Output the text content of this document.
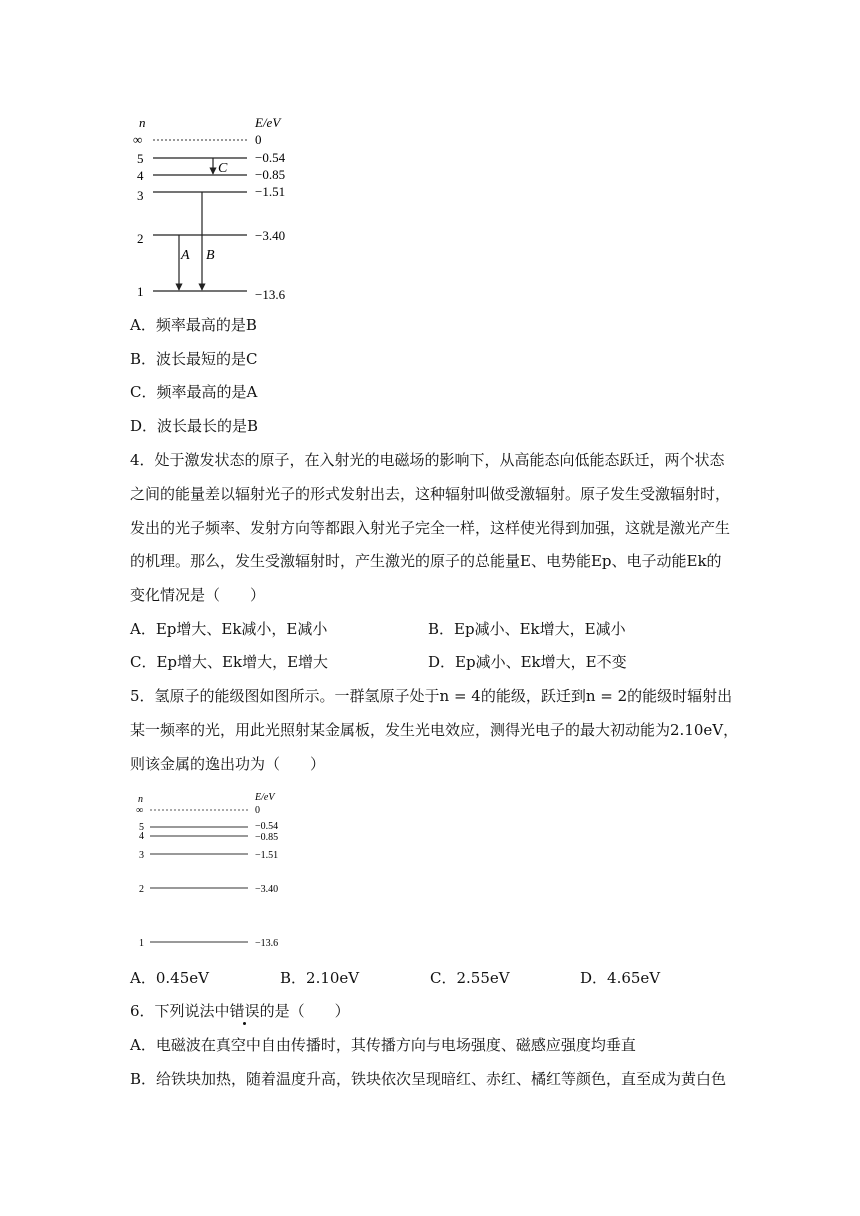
n	E/eV
∞
5
4
3
2
1
0
−0.54
−0.85
−1.51
−3.40
−13.6
A B
C
A．频率最高的是B
B．波长最短的是C
C．频率最高的是A
D．波长最长的是B
4．处于激发状态的原子，在入射光的电磁场的影响下，从高能态向低能态跃迁，两个状态
之间的能量差以辐射光子的形式发射出去，这种辐射叫做受激辐射。原子发生受激辐射时，
发出的光子频率、发射方向等都跟入射光子完全一样，这样使光得到加强，这就是激光产生
的机理。那么，发生受激辐射时，产生激光的原子的总能量E、电势能Ep、电子动能Ek的
变化情况是（　　）
A．Ep增大、Ek减小，E减小	B．Ep减小、Ek增大，E减小
C．Ep增大、Ek增大，E增大	D．Ep减小、Ek增大，E不变
5．氢原子的能级图如图所示。一群氢原子处于n = 4的能级，跃迁到n = 2的能级时辐射出
某一频率的光，用此光照射某金属板，发生光电效应，测得光电子的最大初动能为2.10eV，
则该金属的逸出功为（　　）
n	E/eV
∞
5
4
3
2
1
0
−0.54
−0.85
−1.51
−3.40
−13.6
A．0.45eV	B．2.10eV	C．2.55eV	D．4.65eV
6．下列说法中错误的是（　　）
A．电磁波在真空中自由传播时，其传播方向与电场强度、磁感应强度均垂直
B．给铁块加热，随着温度升高，铁块依次呈现暗红、赤红、橘红等颜色，直至成为黄白色
